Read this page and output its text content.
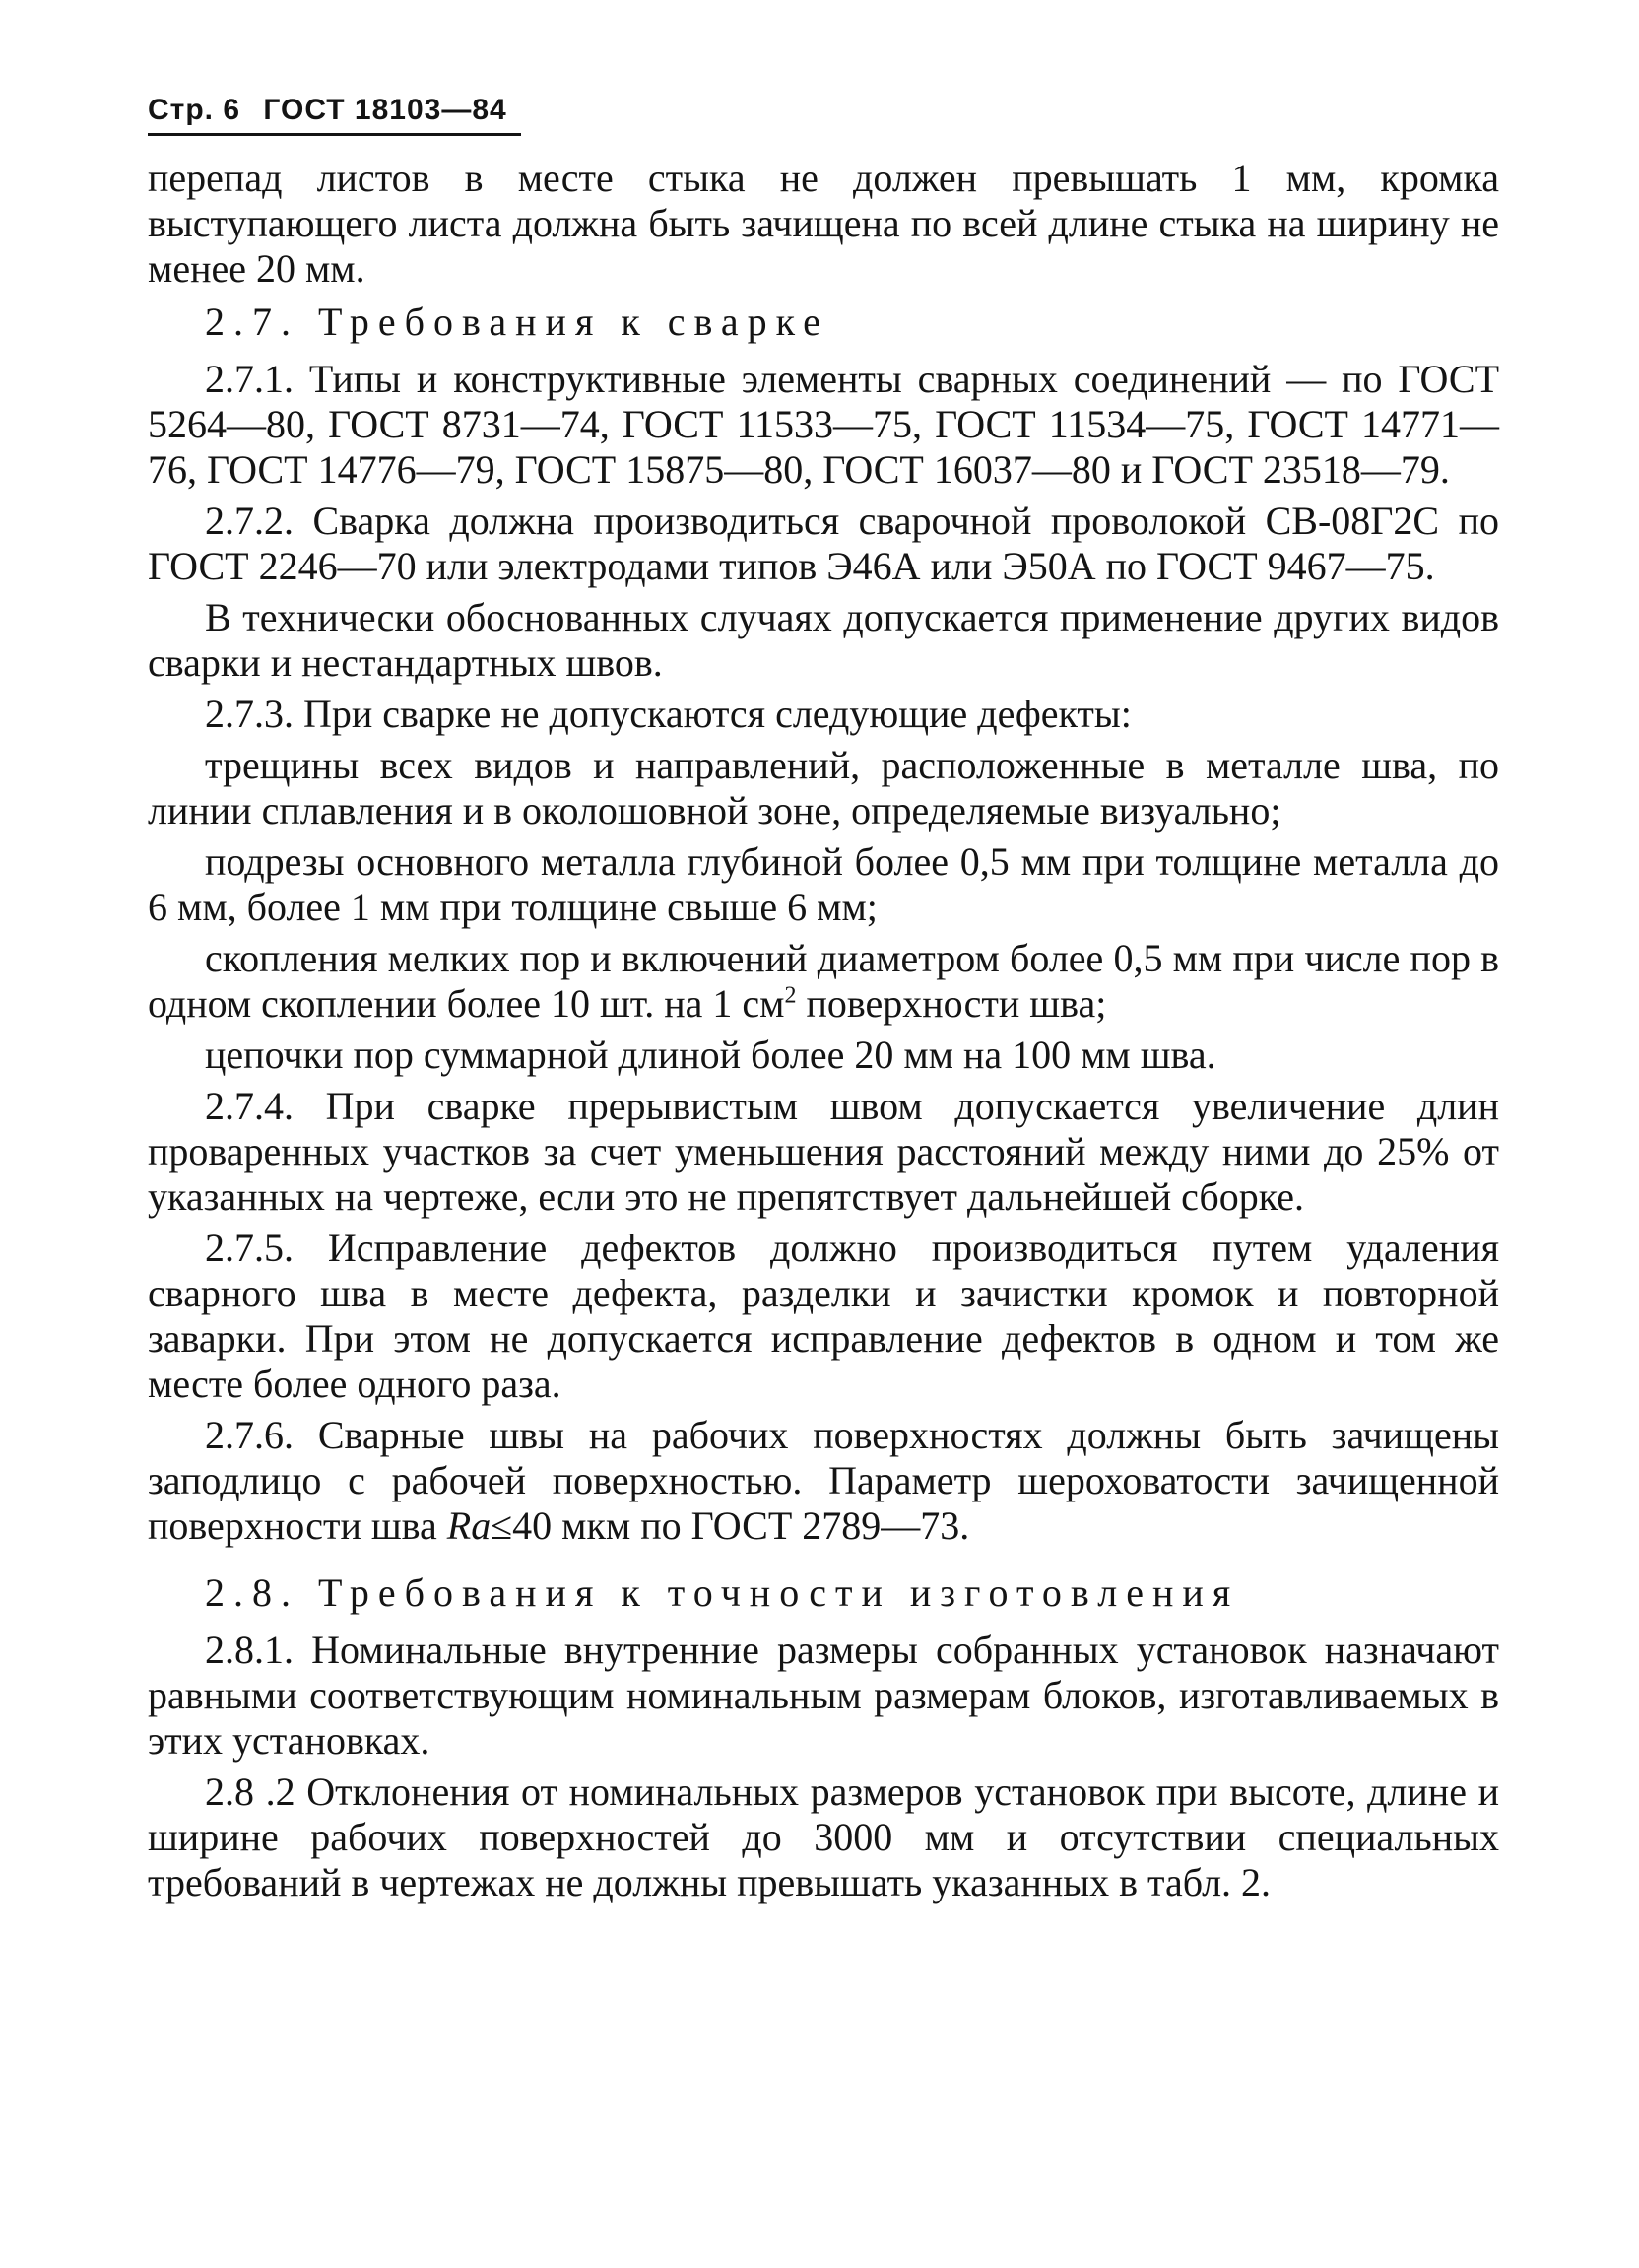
Стр. 6 ГОСТ 18103—84

перепад листов в месте стыка не должен превышать 1 мм, кромка выступающего листа должна быть зачищена по всей длине стыка на ширину не менее 20 мм.

2.7. Требования к сварке

2.7.1. Типы и конструктивные элементы сварных соединений — по ГОСТ 5264—80, ГОСТ 8731—74, ГОСТ 11533—75, ГОСТ 11534—75, ГОСТ 14771—76, ГОСТ 14776—79, ГОСТ 15875—80, ГОСТ 16037—80 и ГОСТ 23518—79.

2.7.2. Сварка должна производиться сварочной проволокой СВ-08Г2С по ГОСТ 2246—70 или электродами типов Э46А или Э50А по ГОСТ 9467—75.

В технически обоснованных случаях допускается применение других видов сварки и нестандартных швов.

2.7.3. При сварке не допускаются следующие дефекты:

трещины всех видов и направлений, расположенные в металле шва, по линии сплавления и в околошовной зоне, определяемые визуально;

подрезы основного металла глубиной более 0,5 мм при толщине металла до 6 мм, более 1 мм при толщине свыше 6 мм;

скопления мелких пор и включений диаметром более 0,5 мм при числе пор в одном скоплении более 10 шт. на 1 $см^2$ поверхности шва;

цепочки пор суммарной длиной более 20 мм на 100 мм шва.

2.7.4. При сварке прерывистым швом допускается увеличение длин проваренных участков за счет уменьшения расстояний между ними до 25% от указанных на чертеже, если это не препятствует дальнейшей сборке.

2.7.5. Исправление дефектов должно производиться путем удаления сварного шва в месте дефекта, разделки и зачистки кромок и повторной заварки. При этом не допускается исправление дефектов в одном и том же месте более одного раза.

2.7.6. Сварные швы на рабочих поверхностях должны быть зачищены заподлицо с рабочей поверхностью. Параметр шероховатости зачищенной поверхности шва Ra≤40 мкм по ГОСТ 2789—73.

2.8. Требования к точности изготовления

2.8.1. Номинальные внутренние размеры собранных установок назначают равными соответствующим номинальным размерам блоков, изготавливаемых в этих установках.

2.8 .2 Отклонения от номинальных размеров установок при высоте, длине и ширине рабочих поверхностей до 3000 мм и отсутствии специальных требований в чертежах не должны превышать указанных в табл. 2.
